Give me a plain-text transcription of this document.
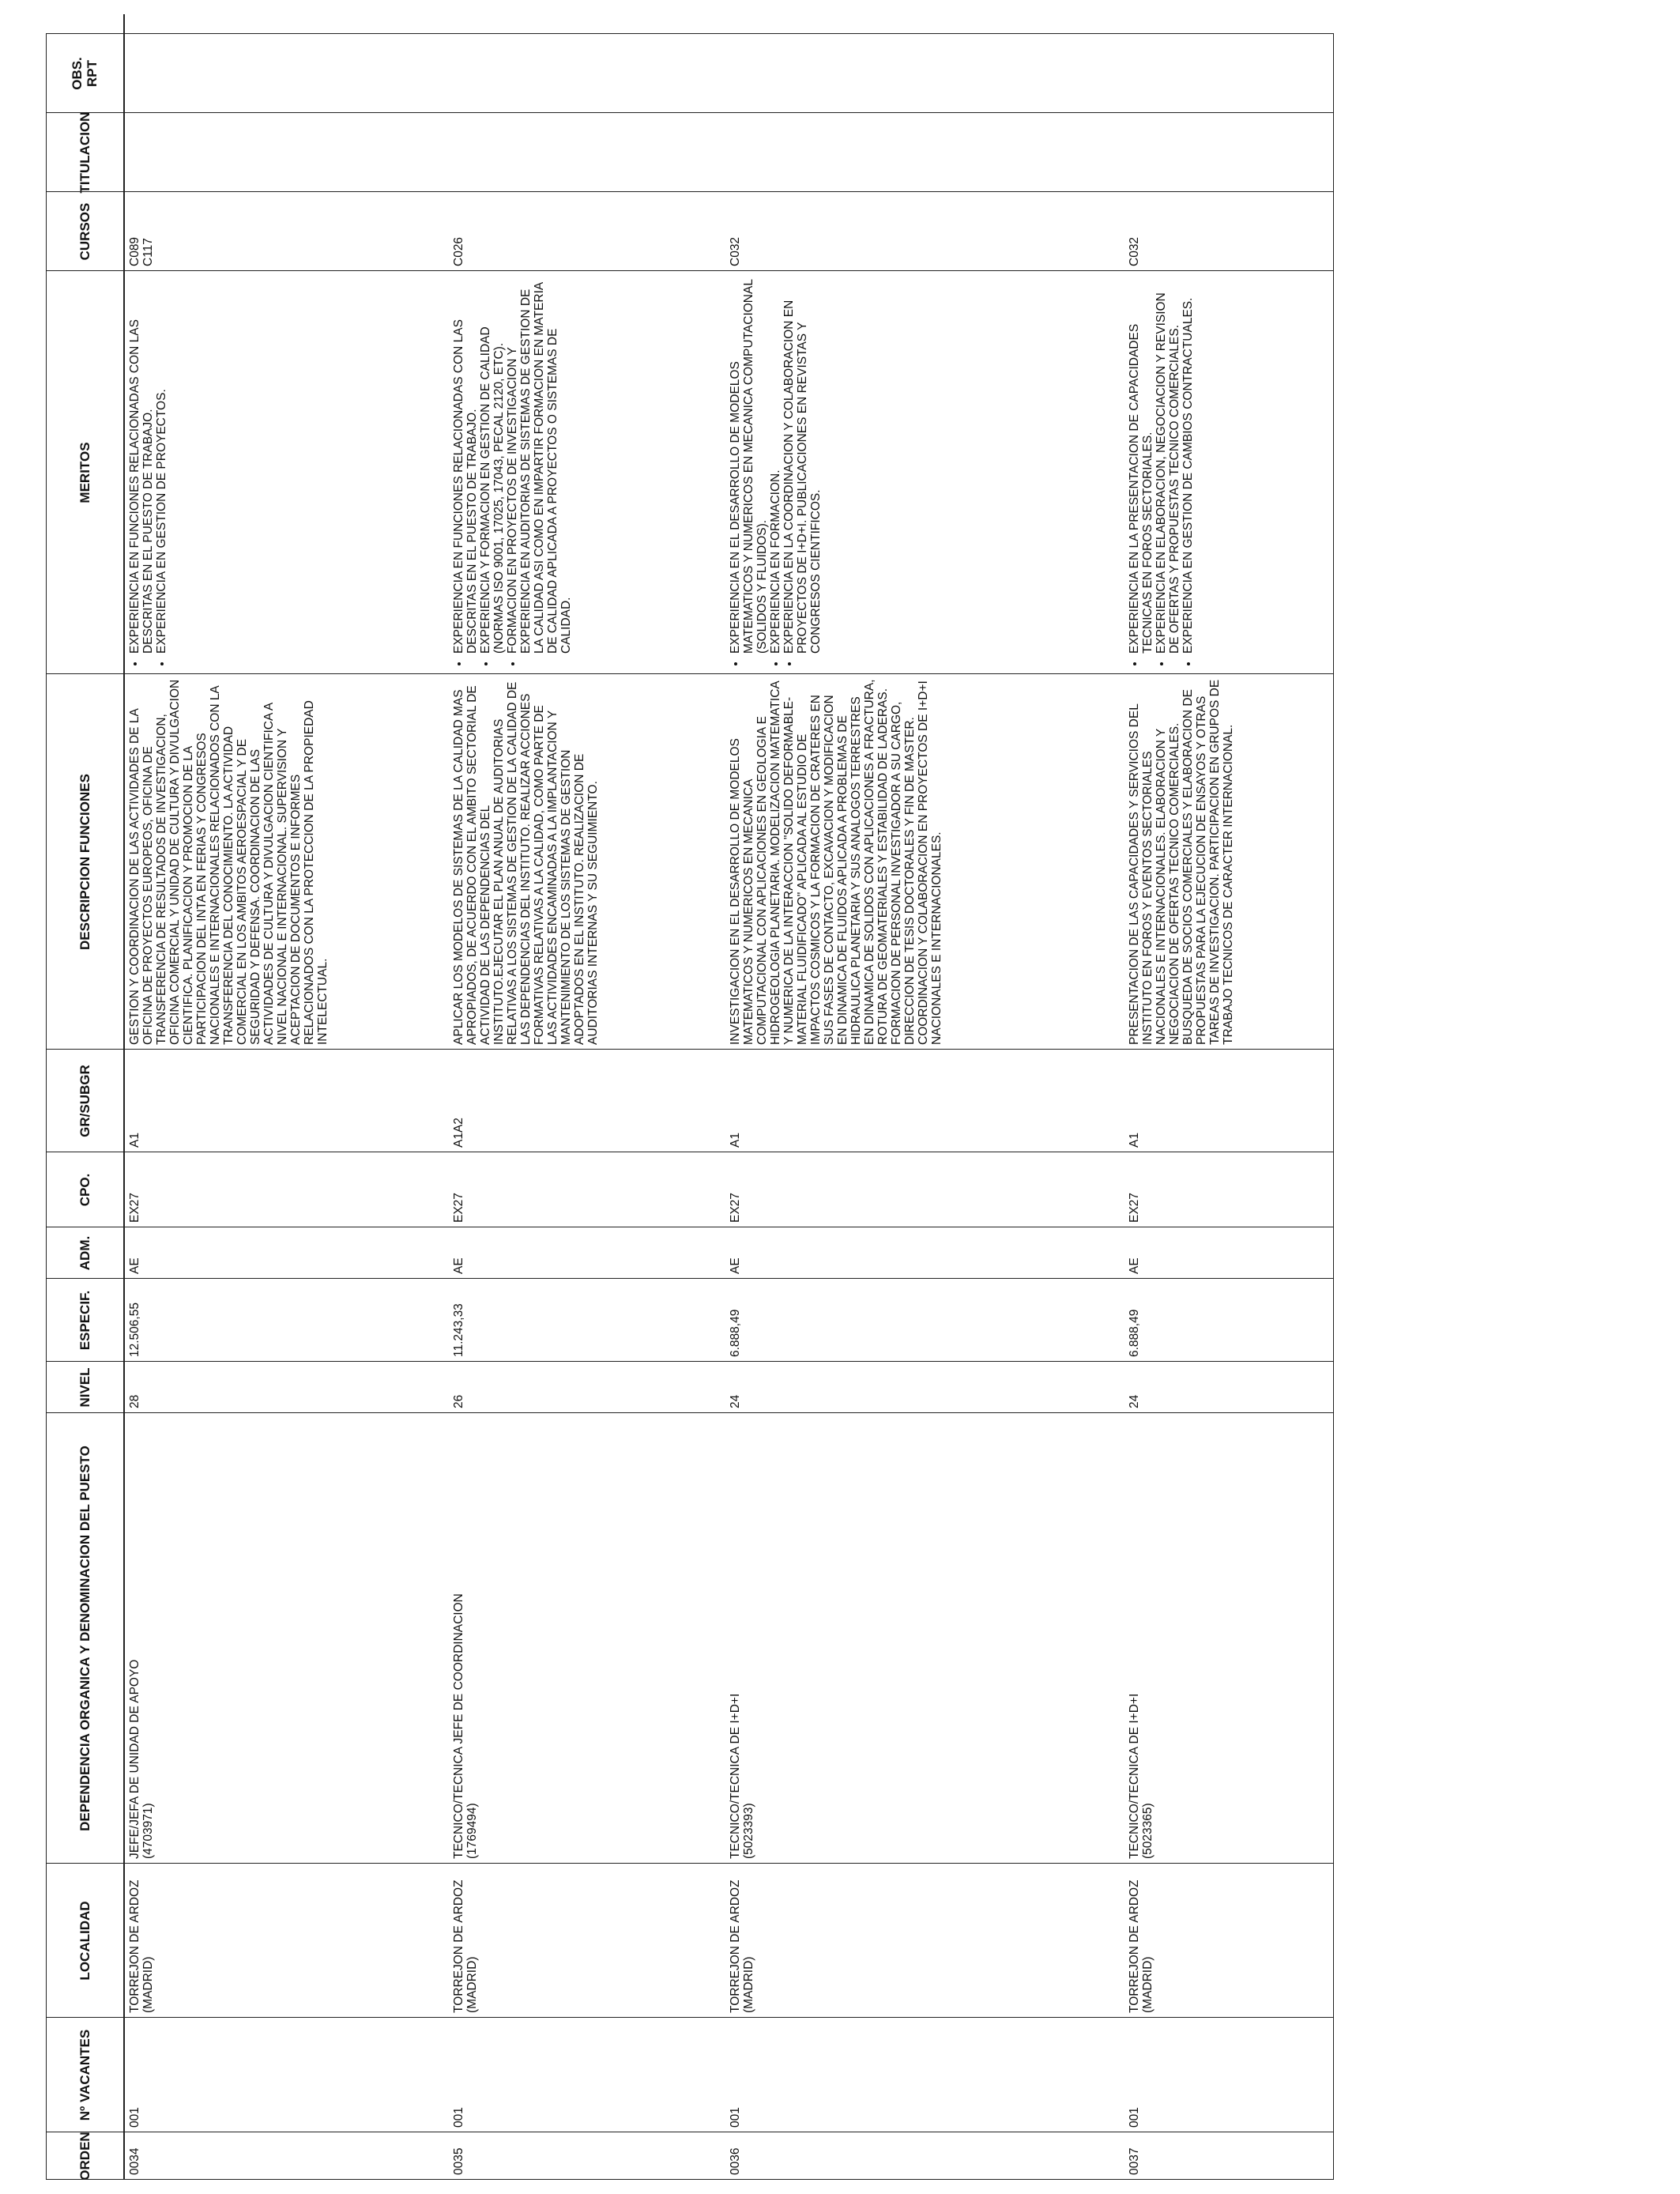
ORDEN
Nº VACANTES
LOCALIDAD
DEPENDENCIA ORGANICA Y DENOMINACION DEL PUESTO
NIVEL
ESPECIF.
ADM.
CPO.
GR/SUBGR
DESCRIPCION FUNCIONES
MERITOS
CURSOS
TITULACION
OBS. RPT
0034
001
TORREJON DE ARDOZ (MADRID)
JEFE/JEFA DE UNIDAD DE APOYO (4703971)
28
12.506,55
AE
EX27
A1
GESTION Y COORDINACION DE LAS ACTIVIDADES DE LA OFICINA DE PROYECTOS EUROPEOS, OFICINA DE TRANSFERENCIA DE RESULTADOS DE INVESTIGACION, OFICINA COMERCIAL Y UNIDAD DE CULTURA Y DIVULGACION CIENTIFICA. PLANIFICACION Y PROMOCION DE LA PARTICIPACION DEL INTA EN FERIAS Y CONGRESOS NACIONALES E INTERNACIONALES RELACIONADOS CON LA TRANSFERENCIA DEL CONOCIMIENTO. LA ACTIVIDAD COMERCIAL EN LOS AMBITOS AEROESPACIAL Y DE SEGURIDAD Y DEFENSA. COORDINACION DE LAS ACTIVIDADES DE CULTURA Y DIVULGACION CIENTIFICA A NIVEL NACIONAL E INTERNACIONAL. SUPERVISION Y ACEPTACION DE DOCUMENTOS E INFORMES RELACIONADOS CON LA PROTECCION DE LA PROPIEDAD INTELECTUAL.
• EXPERIENCIA EN FUNCIONES RELACIONADAS CON LAS DESCRITAS EN EL PUESTO DE TRABAJO. • EXPERIENCIA EN GESTION DE PROYECTOS.
C089 C117
0035
001
TORREJON DE ARDOZ (MADRID)
TECNICO/TECNICA JEFE DE COORDINACION (1769494)
26
11.243,33
AE
EX27
A1A2
APLICAR LOS MODELOS DE SISTEMAS DE LA CALIDAD MAS APROPIADOS, DE ACUERDO CON EL AMBITO SECTORIAL DE ACTIVIDAD DE LAS DEPENDENCIAS DEL INSTITUTO.EJECUTAR EL PLAN ANUAL DE AUDITORIAS RELATIVAS A LOS SISTEMAS DE GESTION DE LA CALIDAD DE LAS DEPENDENCIAS DEL INSTITUTO. REALIZAR ACCIONES FORMATIVAS RELATIVAS A LA CALIDAD, COMO PARTE DE LAS ACTIVIDADES ENCAMINADAS A LA IMPLANTACION Y MANTENIMIENTO DE LOS SISTEMAS DE GESTION ADOPTADOS EN EL INSTITUTO. REALIZACION DE AUDITORIAS INTERNAS Y SU SEGUIMIENTO.
• EXPERIENCIA EN FUNCIONES RELACIONADAS CON LAS DESCRITAS EN EL PUESTO DE TRABAJO. • EXPERIENCIA Y FORMACION EN GESTION DE CALIDAD (NORMAS ISO 9001, 17025, 17043, PECAL 2120, ETC). • FORMACION EN PROYECTOS DE INVESTIGACION Y EXPERIENCIA EN AUDITORIAS DE SISTEMAS DE GESTION DE LA CALIDAD ASI COMO EN IMPARTIR FORMACION EN MATERIA DE CALIDAD APLICADA A PROYECTOS O SISTEMAS DE CALIDAD.
C026
0036
001
TORREJON DE ARDOZ (MADRID)
TECNICO/TECNICA DE I+D+I (5023393)
24
6.888,49
AE
EX27
A1
INVESTIGACION EN EL DESARROLLO DE MODELOS MATEMATICOS Y NUMERICOS EN MECANICA COMPUTACIONAL CON APLICACIONES EN GEOLOGIA E HIDROGEOLOGIA PLANETARIA. MODELIZACION MATEMATICA Y NUMERICA DE LA INTERACCION "SOLIDO DEFORMABLE-MATERIAL FLUIDIFICADO" APLICADA AL ESTUDIO DE IMPACTOS COSMICOS Y LA FORMACION DE CRATERES EN SUS FASES DE CONTACTO, EXCAVACION Y MODIFICACION EN DINAMICA DE FLUIDOS APLICADA A PROBLEMAS DE HIDRAULICA PLANETARIA Y SUS ANALOGOS TERRESTRES EN DINAMICA DE SOLIDOS CON APLICACIONES A FRACTURA, ROTURA DE GEOMATERIALES Y ESTABILIDAD DE LADERAS. FORMACION DE PERSONAL INVESTIGADOR A SU CARGO, DIRECCION DE TESIS DOCTORALES Y FIN DE MASTER. COORDINACION Y COLABORACION EN PROYECTOS DE I+D+I NACIONALES E INTERNACIONALES.
• EXPERIENCIA EN EL DESARROLLO DE MODELOS MATEMATICOS Y NUMERICOS EN MECANICA COMPUTACIONAL (SOLIDOS Y FLUIDOS). • EXPERIENCIA EN FORMACION. • EXPERIENCIA EN LA COORDINACION Y COLABORACION EN PROYECTOS DE I+D+I. PUBLICACIONES EN REVISTAS Y CONGRESOS CIENTIFICOS.
C032
0037
001
TORREJON DE ARDOZ (MADRID)
TECNICO/TECNICA DE I+D+I (5023365)
24
6.888,49
AE
EX27
A1
PRESENTACION DE LAS CAPACIDADES Y SERVICIOS DEL INSTITUTO EN FOROS Y EVENTOS SECTORIALES NACIONALES E INTERNACIONALES. ELABORACION Y NEGOCIACION DE OFERTAS TECNICO COMERCIALES. BUSQUEDA DE SOCIOS COMERCIALES Y ELABORACION DE PROPUESTAS PARA LA EJECUCION DE ENSAYOS Y OTRAS TAREAS DE INVESTIGACION. PARTICIPACION EN GRUPOS DE TRABAJO TECNICOS DE CARACTER INTERNACIONAL.
• EXPERIENCIA EN LA PRESENTACION DE CAPACIDADES TECNICAS EN FOROS SECTORIALES. • EXPERIENCIA EN ELABORACION, NEGOCIACION Y REVISION DE OFERTAS Y PROPUESTAS TECNICO COMERCIALES. • EXPERIENCIA EN GESTION DE CAMBIOS CONTRACTUALES.
C032
